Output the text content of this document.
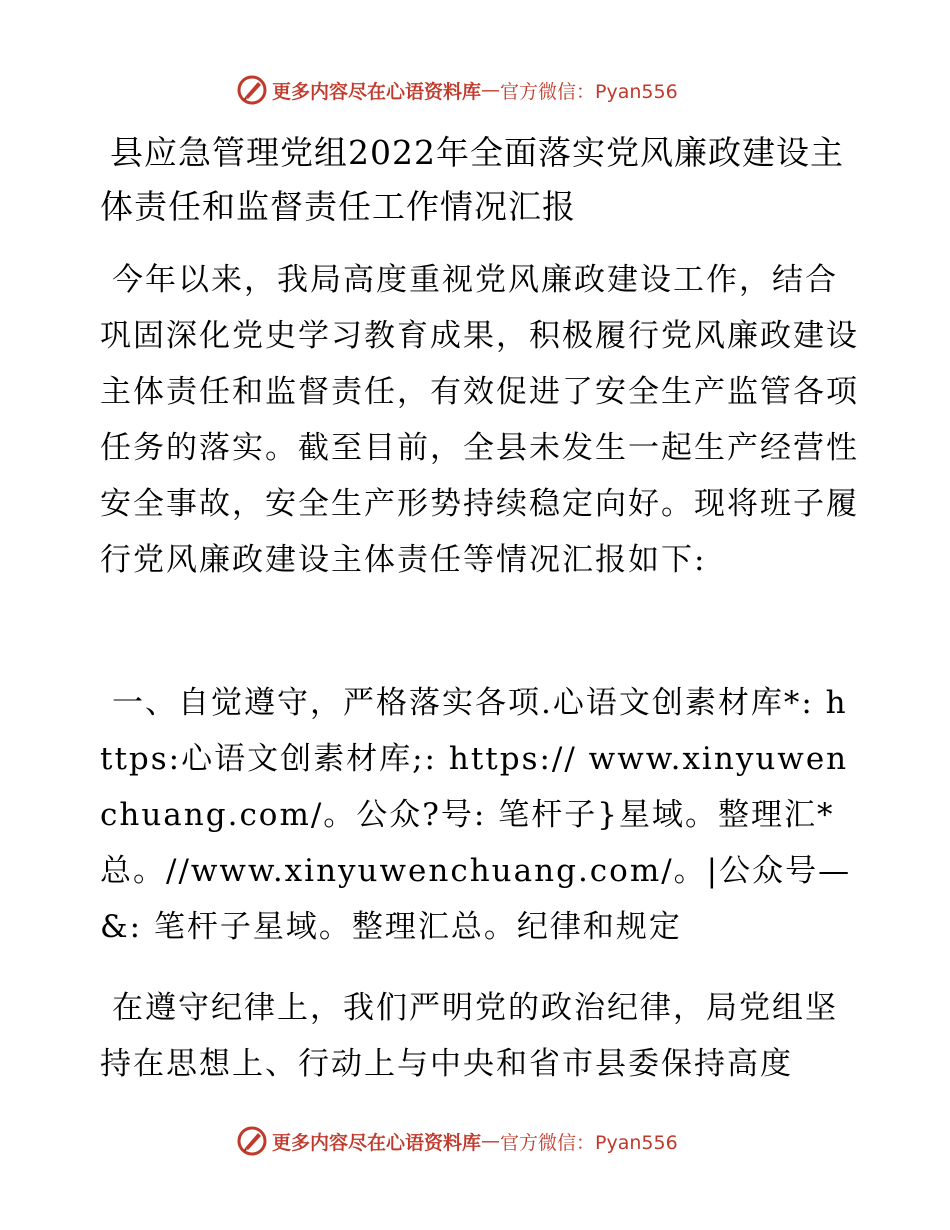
更多内容尽在心语资料库 — 官方微信：Pyan556
县应急管理党组2022年全面落实党风廉政建设主体责任和监督责任工作情况汇报
今年以来，我局高度重视党风廉政建设工作，结合巩固深化党史学习教育成果，积极履行党风廉政建设主体责任和监督责任，有效促进了安全生产监管各项任务的落实。截至目前，全县未发生一起生产经营性安全事故，安全生产形势持续稳定向好。现将班子履行党风廉政建设主体责任等情况汇报如下:
一、自觉遵守，严格落实各项.心语文创素材库*: https:心语文创素材库;: https:// www.xinyuwenchuang.com/。公众?号: 笔杆子}星域。整理汇*总。//www.xinyuwenchuang.com/。|公众号—&: 笔杆子星域。整理汇总。纪律和规定
在遵守纪律上，我们严明党的政治纪律，局党组坚持在思想上、行动上与中央和省市县委保持高度
更多内容尽在心语资料库 — 官方微信：Pyan556
